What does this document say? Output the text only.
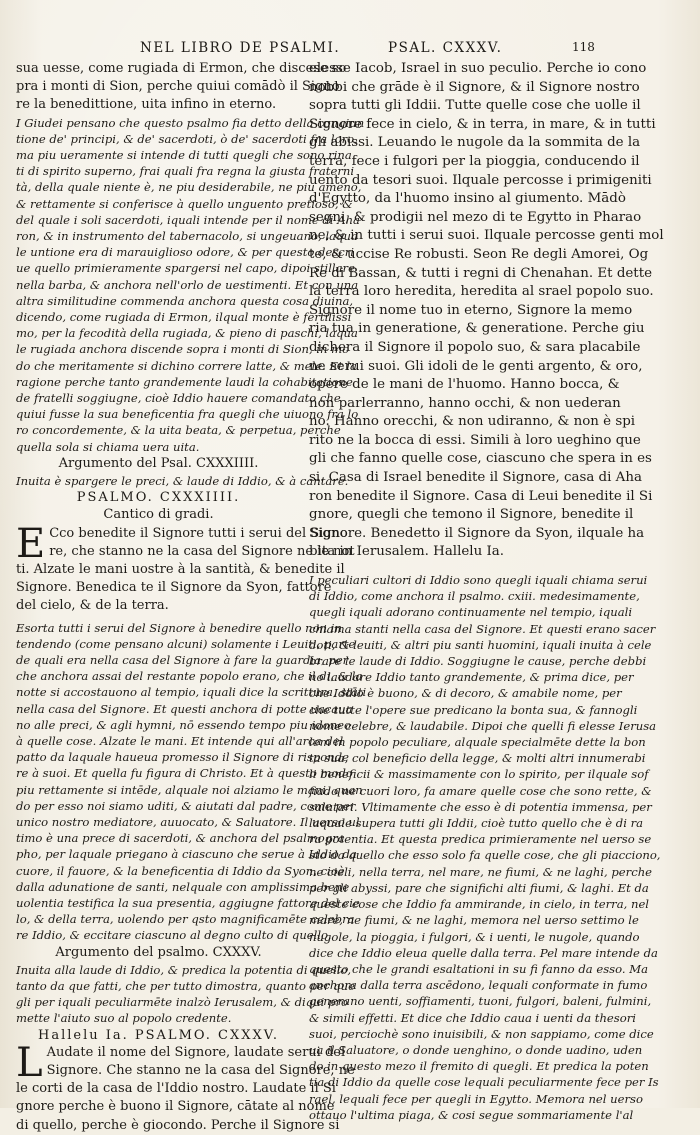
NEL LIBRO DE PSALMI.	PSAL. CXXXV.	118
sua uesse, come rugiada di Ermon, che discese so
pra i monti di Sion, perche quiui comādò il Signo
re la benedittione, uita infino in eterno.
I Giudei pensano che questo psalmo fia detto della congiun
tione de' principi, & de' sacerdoti, ò de' sacerdoti fra loro,
ma piu ueramente si intende di tutti quegli che sono rina
ti di spirito superno, frai quali fra regna la giusta fraterni
tà, della quale niente è, ne piu desiderabile, ne piu ameno,
& rettamente si conferisce à quello unguento pretioso, &
del quale i soli sacerdoti, iquali intende per il nome di Aha
ron, & in instrumento del tabernacolo, si ungeuano, laqua
le untione era di marauiglioso odore, & per questo descri
ue quello primieramente spargersi nel capo, dipoi stillare
nella barba, & anchora nell'orlo de uestimenti. Et con una
altra similitudine commenda anchora questa cosa diuina,
dicendo, come rugiada di Ermon, ilqual monte è fertilissi
mo, per la fecodità della rugiada, & pieno di paschi, laqua
le rugiada anchora discende sopra i monti di Sion, in mo
do che meritamente si dichino correre latte, & mele. Et la
ragione perche tanto grandemente laudi la cohabitatione
de fratelli soggiugne, cioè Iddio hauere comandato che
quiui fusse la sua beneficentia fra quegli che uiuono fra lo
ro concordemente, & la uita beata, & perpetua, perche
quella sola si chiama uera uita.
Argumento del Psal. CXXXIIII.
Inuita è spargere le preci, & laude di Iddio, & à cantare.
PSALMO. CXXXIIII.
Cantico di gradi.
E Cco benedite il Signore tutti i serui del Signo
re, che stanno ne la casa del Signore ne le not
ti. Alzate le mani uostre à la santità, & benedite il
Signore. Benedica te il Signore da Syon, fattore
del cielo, & de la terra.
Esorta tutti i serui del Signore à benedire quello non in
tendendo (come pensano alcuni) solamente i Leuiti, parte
de quali era nella casa del Signore à fare la guardia, per
che anchora assai del restante popolo erano, che il di, & la
notte si accostauono al tempio, iquali dice la scrittura, stāti
nella casa del Signore. Et questi anchora di potte uacaua
no alle preci, & agli hymni, nō essendo tempo piu idoneo
à quelle cose. Alzate le mani. Et intende qui all'arca del
patto da laquale haueua promesso il Signore di risponde
re à suoi. Et quella fu figura di Christo. Et à questo modo
piu rettamente si intēde, alquale noi alziamo le mani, quan
do per esso noi siamo uditi, & aiutati dal padre, come per
unico nostro mediatore, auuocato, & Saluatore. Il uerso ul
timo è una prece di sacerdoti, & anchora del psalmogra
pho, per laquale priegano à ciascuno che serue à Iddio da
cuore, il fauore, & la beneficentia di Iddio da Syon, cioè
dalla adunatione de santi, nelquale con amplissima bene
uolentia testifica la sua presentia, aggiugne fattore del cie
lo, & della terra, uolendo per qsto magnificamēte celebra
re Iddio, & eccitare ciascuno al degno culto di quello.
Argumento del psalmo. CXXXV.
Inuita alla laude di Iddio, & predica la potentia di quello,
tanto da que fatti, che per tutto dimostra, quanto per que
gli per iquali peculiarmēte inalzò Ierusalem, & diqui pro
mette l'aiuto suo al popolo credente.
Hallelu Ia. PSALMO. CXXXV.
L Audate il nome del Signore, laudate serui del
Signore. Che stanno ne la casa del Signore, ne
le corti de la casa de l'Iddio nostro. Laudate il Si
gnore perche è buono il Signore, cātate al nome
di quello, perche è giocondo. Perche il Signore si
elesse Iacob, Israel in suo peculio. Perche io cono
nobbi che grāde è il Signore, & il Signore nostro
sopra tutti gli Iddii. Tutte quelle cose che uolle il
Signore fece in cielo, & in terra, in mare, & in tutti
gli abissi. Leuando le nugole da la sommita de la
terra, fece i fulgori per la pioggia, conducendo il
uento da tesori suoi. Ilquale percosse i primigeniti
d'Egytto, da l'huomo insino al giumento. Mādò
segni, & prodigii nel mezo di te Egytto in Pharao
ne, & in tutti i serui suoi. Ilquale percosse genti mol
te, & uccise Re robusti. Seon Re degli Amorei, Og
Re di Bassan, & tutti i regni di Chenahan. Et dette
la terra loro heredita, heredita al srael popolo suo.
Signore il nome tuo in eterno, Signore la memo
ria tua in generatione, & generatione. Perche giu
dichera il Signore il popolo suo, & sara placabile
ne serui suoi. Gli idoli de le genti argento, & oro,
opere de le mani de l'huomo. Hanno bocca, &
non parlerranno, hanno occhi, & non uederan
no. Hanno orecchi, & non udiranno, & non è spi
rito ne la bocca di essi. Simili à loro ueghino que
gli che fanno quelle cose, ciascuno che spera in es
si. Casa di Israel benedite il Signore, casa di Aha
ron benedite il Signore. Casa di Leui benedite il Si
gnore, quegli che temono il Signore, benedite il
Signore. Benedetto il Signore da Syon, ilquale ha
bita in Ierusalem. Hallelu Ia.
I peculiari cultori di Iddio sono quegli iquali chiama serui
di Iddio, come anchora il psalmo. cxiii. medesimamente,
quegli iquali adorano continuamente nel tempio, iquali
chiama stanti nella casa del Signore. Et questi erano sacer
doti, & leuiti, & altri piu santi huomini, iquali inuita à cele
brare le laude di Iddio. Soggiugne le cause, perche debbi
no laudare Iddio tanto grandemente, & prima dice, per
che Iddio è buono, & di decoro, & amabile nome, per
che tutte l'opere sue predicano la bonta sua, & fannogli
nome celebre, & laudabile. Dipoi che quelli fi elesse Ierusa
lem in popolo peculiare, alquale specialmēte dette la bon
ta sua, col beneficio della legge, & molti altri innumerabi
li beneficii & massimamente con lo spirito, per ilquale sof
fiado ne cuori loro, fa amare quelle cose che sono rette, &
salutari. Vltimamente che esso è di potentia immensa, per
laquale supera tutti gli Iddii, cioè tutto quello che è di ra
ra potentia. Et questa predica primieramente nel uerso se
sto da quello che esso solo fa quelle cose, che gli piacciono,
ne cieli, nella terra, nel mare, ne fiumi, & ne laghi, perche
per gli abyssi, pare che significhi alti fiumi, & laghi. Et da
queste cose che Iddio fa ammirande, in cielo, in terra, nel
mare, ne fiumi, & ne laghi, memora nel uerso settimo le
nugole, la pioggia, i fulgori, & i uenti, le nugole, quando
dice che Iddio eleua quelle dalla terra. Pel mare intende da
questo che le grandi esaltationi in su fi fanno da esso. Ma
anchora dalla terra ascēdono, lequali conformate in fumo
generano uenti, soffiamenti, tuoni, fulgori, baleni, fulmini,
& simili effetti. Et dice che Iddio caua i uenti da thesori
suoi, perciochè sono inuisibili, & non sappiamo, come dice
ua il Saluatore, o donde uenghino, o donde uadino, uden
do in questo mezo il fremito di quegli. Et predica la poten
tia di Iddio da quelle cose lequali peculiarmente fece per Is
rael, lequali fece per quegli in Egytto. Memora nel uerso
ottauo l'ultima piaga, & cosi segue sommariamente l'al
